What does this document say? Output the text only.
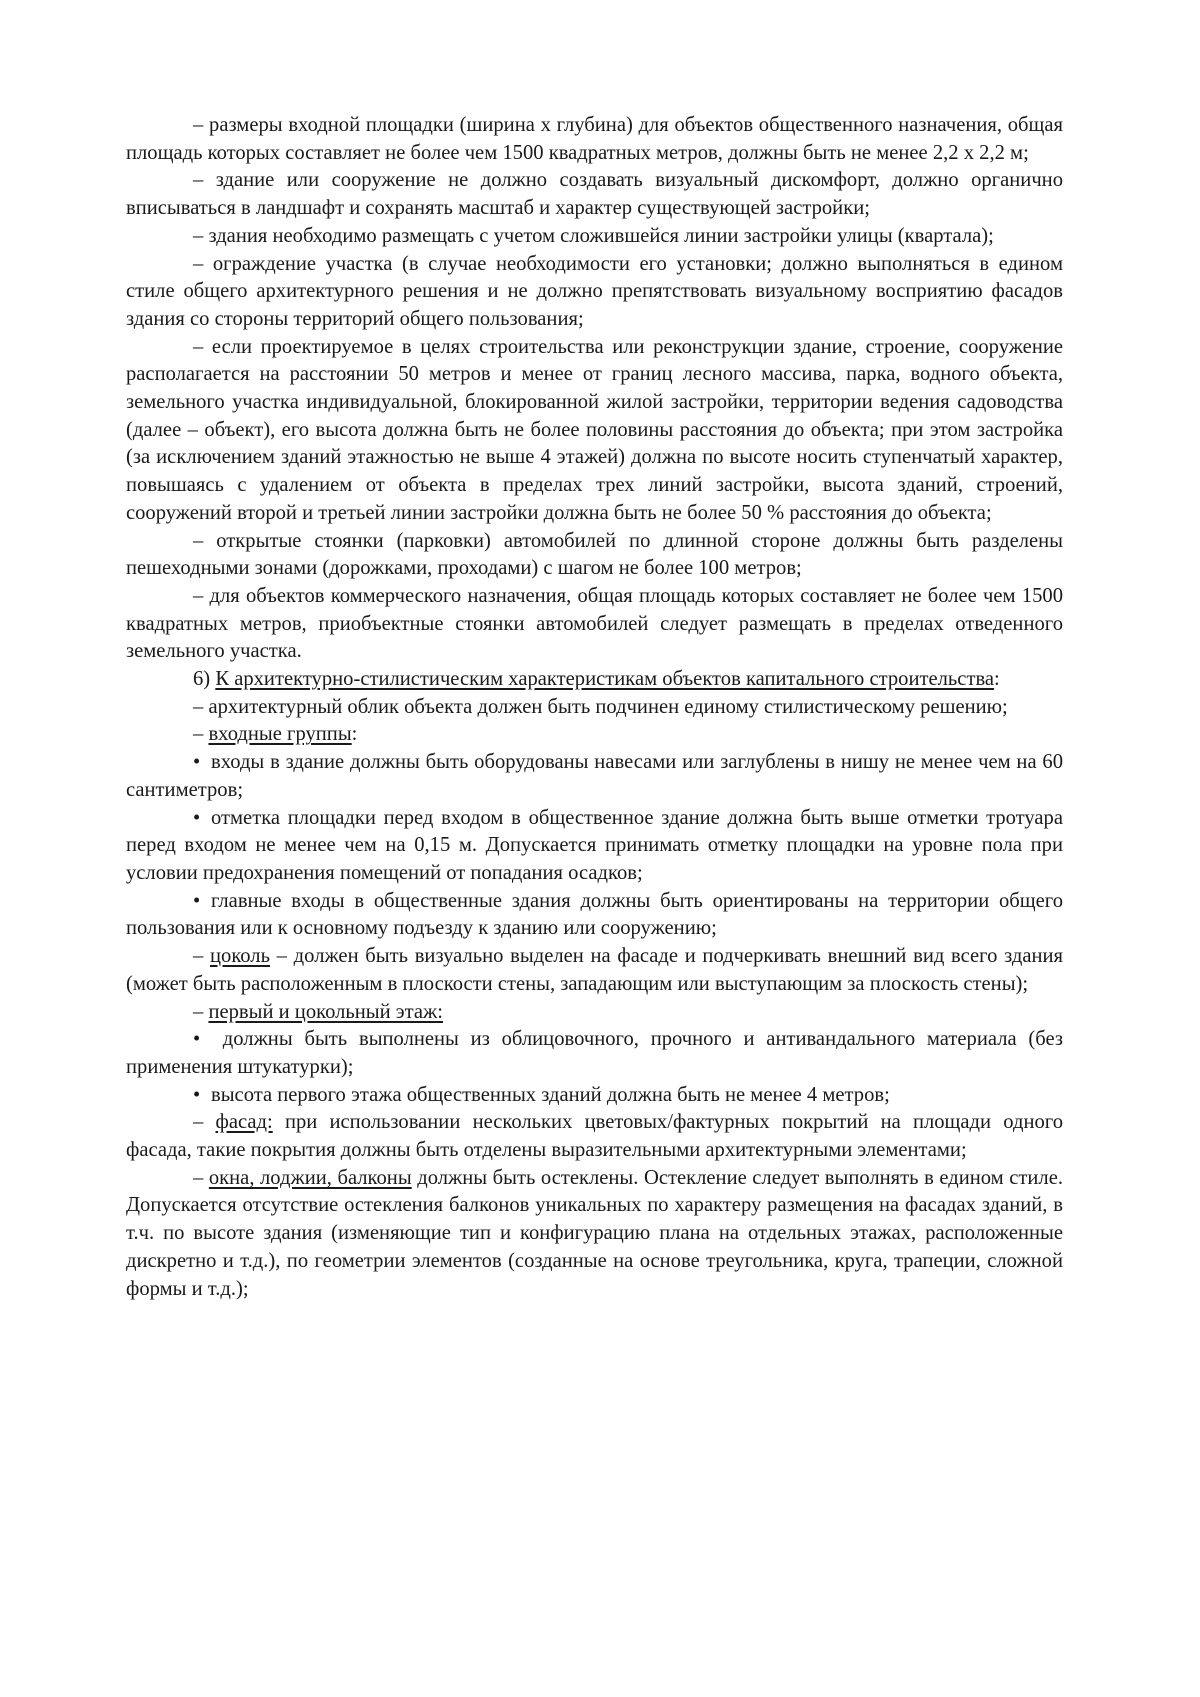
– размеры входной площадки (ширина х глубина) для объектов общественного назначения, общая площадь которых составляет не более чем 1500 квадратных метров, должны быть не менее 2,2 х 2,2 м;

– здание или сооружение не должно создавать визуальный дискомфорт, должно органично вписываться в ландшафт и сохранять масштаб и характер существующей застройки;

– здания необходимо размещать с учетом сложившейся линии застройки улицы (квартала);

– ограждение участка (в случае необходимости его установки; должно выполняться в едином стиле общего архитектурного решения и не должно препятствовать визуальному восприятию фасадов здания со стороны территорий общего пользования;

– если проектируемое в целях строительства или реконструкции здание, строение, сооружение располагается на расстоянии 50 метров и менее от границ лесного массива, парка, водного объекта, земельного участка индивидуальной, блокированной жилой застройки, территории ведения садоводства (далее – объект), его высота должна быть не более половины расстояния до объекта; при этом застройка (за исключением зданий этажностью не выше 4 этажей) должна по высоте носить ступенчатый характер, повышаясь с удалением от объекта в пределах трех линий застройки, высота зданий, строений, сооружений второй и третьей линии застройки должна быть не более 50 % расстояния до объекта;

– открытые стоянки (парковки) автомобилей по длинной стороне должны быть разделены пешеходными зонами (дорожками, проходами) с шагом не более 100 метров;

– для объектов коммерческого назначения, общая площадь которых составляет не более чем 1500 квадратных метров, приобъектные стоянки автомобилей следует размещать в пределах отведенного земельного участка.

6) К архитектурно-стилистическим характеристикам объектов капитального строительства:

– архитектурный облик объекта должен быть подчинен единому стилистическому решению;

– входные группы:

• входы в здание должны быть оборудованы навесами или заглублены в нишу не менее чем на 60 сантиметров;

• отметка площадки перед входом в общественное здание должна быть выше отметки тротуара перед входом не менее чем на 0,15 м. Допускается принимать отметку площадки на уровне пола при условии предохранения помещений от попадания осадков;

• главные входы в общественные здания должны быть ориентированы на территории общего пользования или к основному подъезду к зданию или сооружению;

– цоколь – должен быть визуально выделен на фасаде и подчеркивать внешний вид всего здания (может быть расположенным в плоскости стены, западающим или выступающим за плоскость стены);

– первый и цокольный этаж:

• должны быть выполнены из облицовочного, прочного и антивандального материала (без применения штукатурки);

• высота первого этажа общественных зданий должна быть не менее 4 метров;

– фасад: при использовании нескольких цветовых/фактурных покрытий на площади одного фасада, такие покрытия должны быть отделены выразительными архитектурными элементами;

– окна, лоджии, балконы должны быть остеклены. Остекление следует выполнять в едином стиле. Допускается отсутствие остекления балконов уникальных по характеру размещения на фасадах зданий, в т.ч. по высоте здания (изменяющие тип и конфигурацию плана на отдельных этажах, расположенные дискретно и т.д.), по геометрии элементов (созданные на основе треугольника, круга, трапеции, сложной формы и т.д.);
